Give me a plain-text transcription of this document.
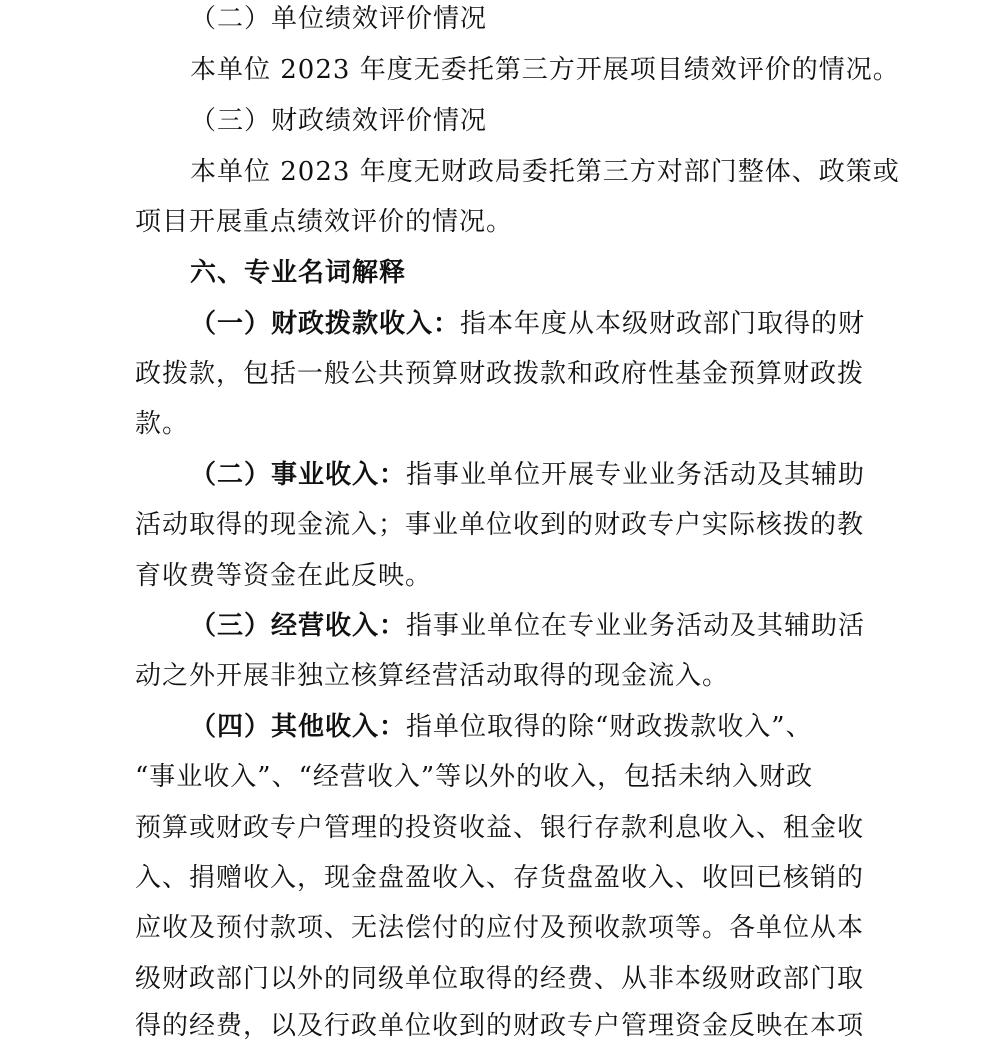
（二）单位绩效评价情况
本单位 2023 年度无委托第三方开展项目绩效评价的情况。
（三）财政绩效评价情况
本单位 2023 年度无财政局委托第三方对部门整体、政策或
项目开展重点绩效评价的情况。
六、专业名词解释
（一）财政拨款收入：指本年度从本级财政部门取得的财
政拨款，包括一般公共预算财政拨款和政府性基金预算财政拨
款。
（二）事业收入：指事业单位开展专业业务活动及其辅助
活动取得的现金流入；事业单位收到的财政专户实际核拨的教
育收费等资金在此反映。
（三）经营收入：指事业单位在专业业务活动及其辅助活
动之外开展非独立核算经营活动取得的现金流入。
（四）其他收入：指单位取得的除“财政拨款收入”、
“事业收入”、“经营收入”等以外的收入，包括未纳入财政
预算或财政专户管理的投资收益、银行存款利息收入、租金收
入、捐赠收入，现金盘盈收入、存货盘盈收入、收回已核销的
应收及预付款项、无法偿付的应付及预收款项等。各单位从本
级财政部门以外的同级单位取得的经费、从非本级财政部门取
得的经费，以及行政单位收到的财政专户管理资金反映在本项
